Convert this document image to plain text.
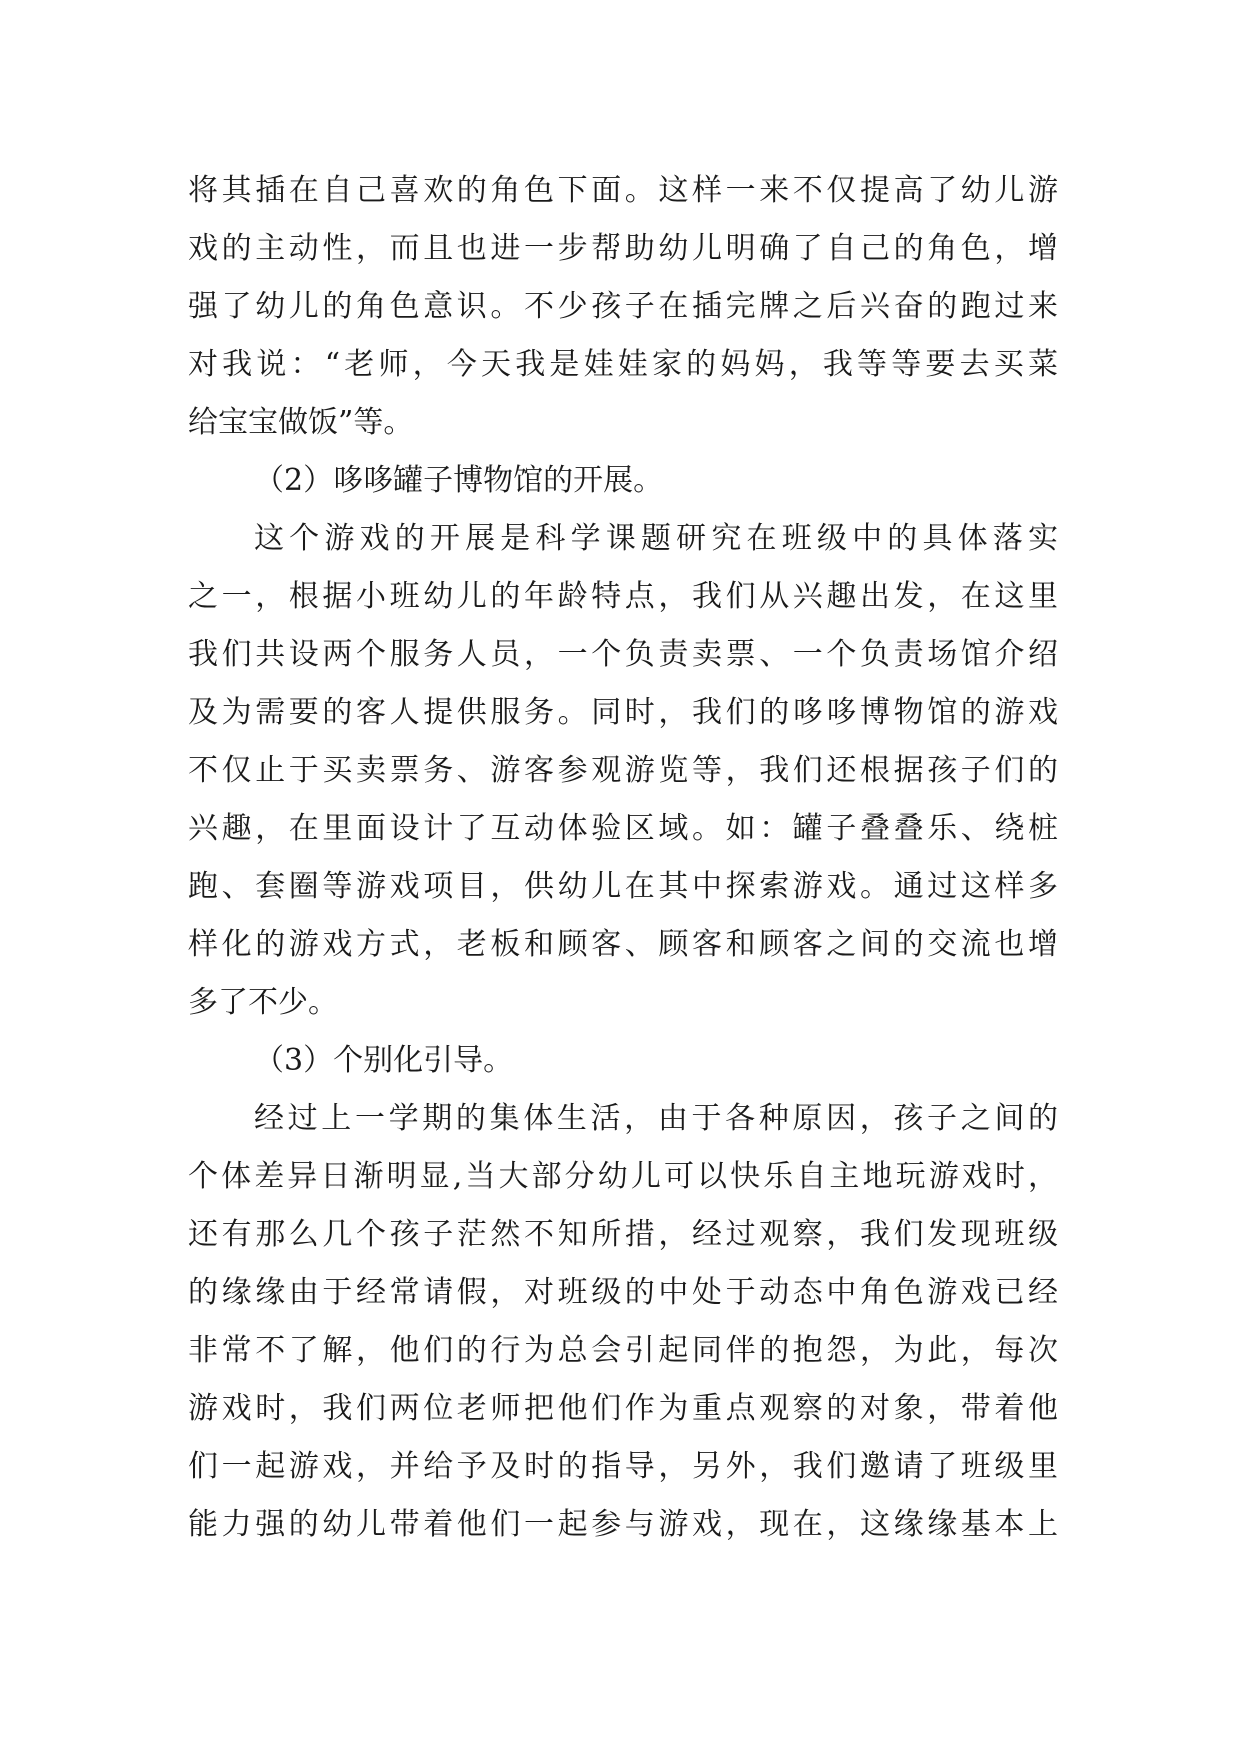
将其插在自己喜欢的角色下面。这样一来不仅提高了幼儿游
戏的主动性，而且也进一步帮助幼儿明确了自己的角色，增
强了幼儿的角色意识。不少孩子在插完牌之后兴奋的跑过来
对我说：“老师，今天我是娃娃家的妈妈，我等等要去买菜
给宝宝做饭”等。
（2）哆哆罐子博物馆的开展。
这个游戏的开展是科学课题研究在班级中的具体落实
之一，根据小班幼儿的年龄特点，我们从兴趣出发，在这里
我们共设两个服务人员，一个负责卖票、一个负责场馆介绍
及为需要的客人提供服务。同时，我们的哆哆博物馆的游戏
不仅止于买卖票务、游客参观游览等，我们还根据孩子们的
兴趣，在里面设计了互动体验区域。如：罐子叠叠乐、绕桩
跑、套圈等游戏项目，供幼儿在其中探索游戏。通过这样多
样化的游戏方式，老板和顾客、顾客和顾客之间的交流也增
多了不少。
（3）个别化引导。
经过上一学期的集体生活，由于各种原因，孩子之间的
个体差异日渐明显,当大部分幼儿可以快乐自主地玩游戏时，
还有那么几个孩子茫然不知所措，经过观察，我们发现班级
的缘缘由于经常请假，对班级的中处于动态中角色游戏已经
非常不了解，他们的行为总会引起同伴的抱怨，为此，每次
游戏时，我们两位老师把他们作为重点观察的对象，带着他
们一起游戏，并给予及时的指导，另外，我们邀请了班级里
能力强的幼儿带着他们一起参与游戏，现在，这缘缘基本上
